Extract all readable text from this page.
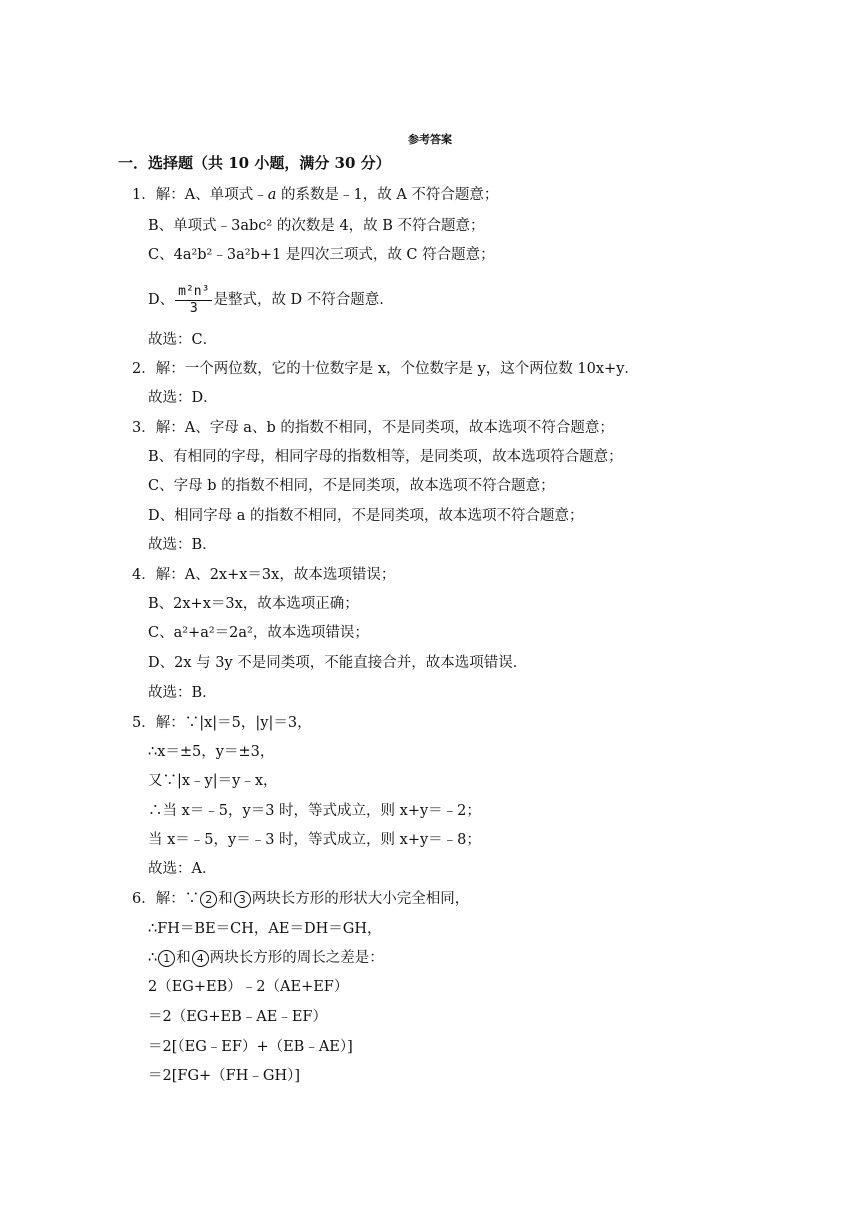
参考答案
一．选择题（共 10 小题，满分 30 分）
1．解：A、单项式﹣a 的系数是﹣1，故 A 不符合题意；
B、单项式﹣3abc² 的次数是 4，故 B 不符合题意；
C、4a²b²﹣3a²b+1 是四次三项式，故 C 符合题意；
D、 $\frac{\text{m²n³}}{3}$ 是整式，故 D 不符合题意．
故选：C．
2．解：一个两位数，它的十位数字是 x，个位数字是 y，这个两位数 10x+y．
故选：D．
3．解：A、字母 a、b 的指数不相同，不是同类项，故本选项不符合题意；
B、有相同的字母，相同字母的指数相等，是同类项，故本选项符合题意；
C、字母 b 的指数不相同，不是同类项，故本选项不符合题意；
D、相同字母 a 的指数不相同，不是同类项，故本选项不符合题意；
故选：B．
4．解：A、2x+x＝3x，故本选项错误；
B、2x+x＝3x，故本选项正确；
C、a²+a²＝2a²，故本选项错误；
D、2x 与 3y 不是同类项，不能直接合并，故本选项错误．
故选：B．
5．解：∵|x|＝5，|y|＝3，
∴x＝±5，y＝±3，
又∵|x﹣y|＝y﹣x，
∴当 x＝﹣5，y＝3 时，等式成立，则 x+y＝﹣2；
当 x＝﹣5，y＝﹣3 时，等式成立，则 x+y＝﹣8；
故选：A．
6．解：∵ 2 和 3 两块长方形的形状大小完全相同，
∴FH＝BE＝CH，AE＝DH＝GH，
∴ 1 和 4 两块长方形的周长之差是：
2（EG+EB）﹣2（AE+EF）
＝2（EG+EB﹣AE﹣EF）
＝2[（EG﹣EF）+（EB﹣AE）]
＝2[FG+（FH﹣GH）]
